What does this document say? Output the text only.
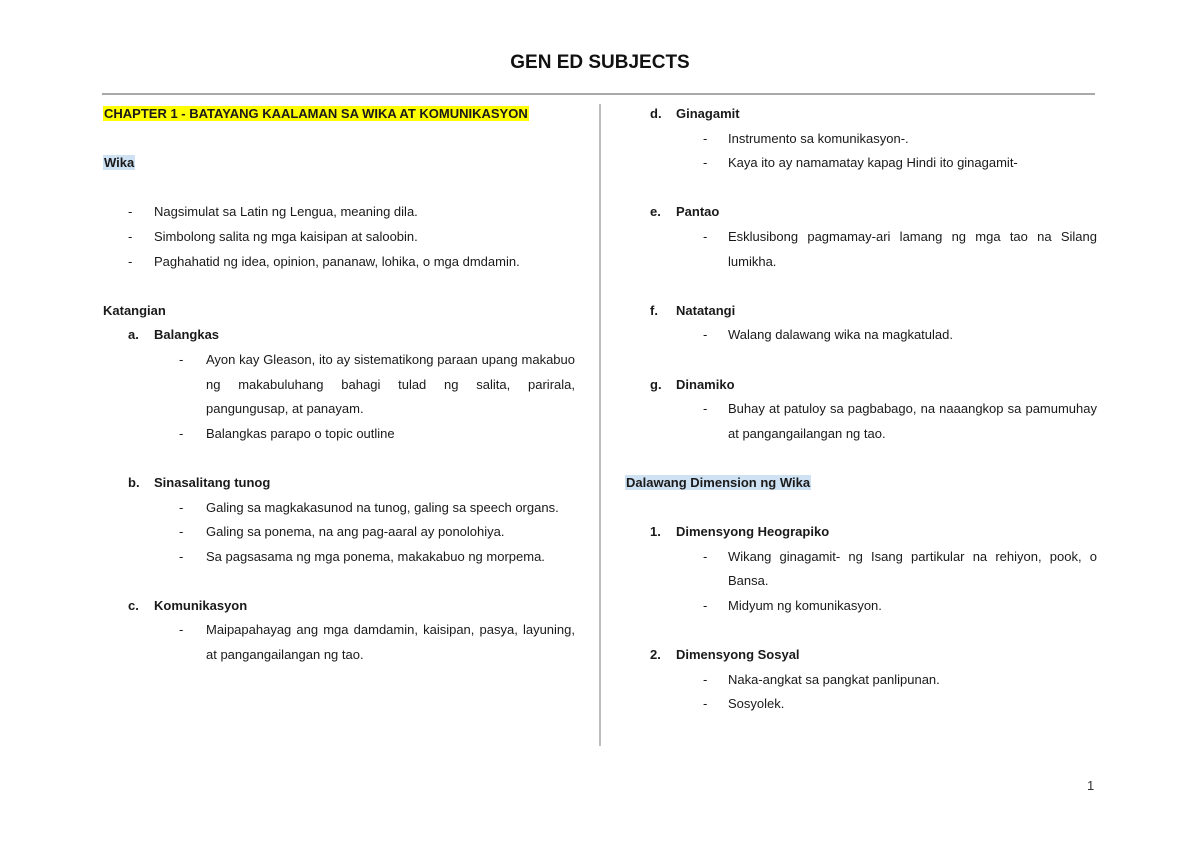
GEN ED SUBJECTS
CHAPTER 1 - BATAYANG KAALAMAN SA WIKA AT KOMUNIKASYON
Wika
-	Nagsimulat sa Latin ng Lengua, meaning dila.
-	Simbolong salita ng mga kaisipan at saloobin.
-	Paghahatid ng idea, opinion, pananaw, lohika, o mga dmdamin.
Katangian
a. Balangkas
-	Ayon kay Gleason, ito ay sistematikong paraan upang makabuo ng makabuluhang bahagi tulad ng salita, parirala, pangungusap, at panayam.
-	Balangkas parapo o topic outline
b. Sinasalitang tunog
-	Galing sa magkakasunod na tunog, galing sa speech organs.
-	Galing sa ponema, na ang pag-aaral ay ponolohiya.
-	Sa pagsasama ng mga ponema, makakabuo ng morpema.
c. Komunikasyon
-	Maipapahayag ang mga damdamin, kaisipan, pasya, layuning, at pangangailangan ng tao.
d. Ginagamit
-	Instrumento sa komunikasyon-.
-	Kaya ito ay namamatay kapag Hindi ito ginagamit-
e. Pantao
-	Esklusibong pagmamay-ari lamang ng mga tao na Silang lumikha.
f. Natatangi
-	Walang dalawang wika na magkatulad.
g. Dinamiko
-	Buhay at patuloy sa pagbabago, na naaangkop sa pamumuhay at pangangailangan ng tao.
Dalawang Dimension ng Wika
1. Dimensyong Heograpiko
-	Wikang ginagamit- ng Isang partikular na rehiyon, pook, o Bansa.
-	Midyum ng komunikasyon.
2. Dimensyong Sosyal
-	Naka-angkat sa pangkat panlipunan.
-	Sosyolek.
1
